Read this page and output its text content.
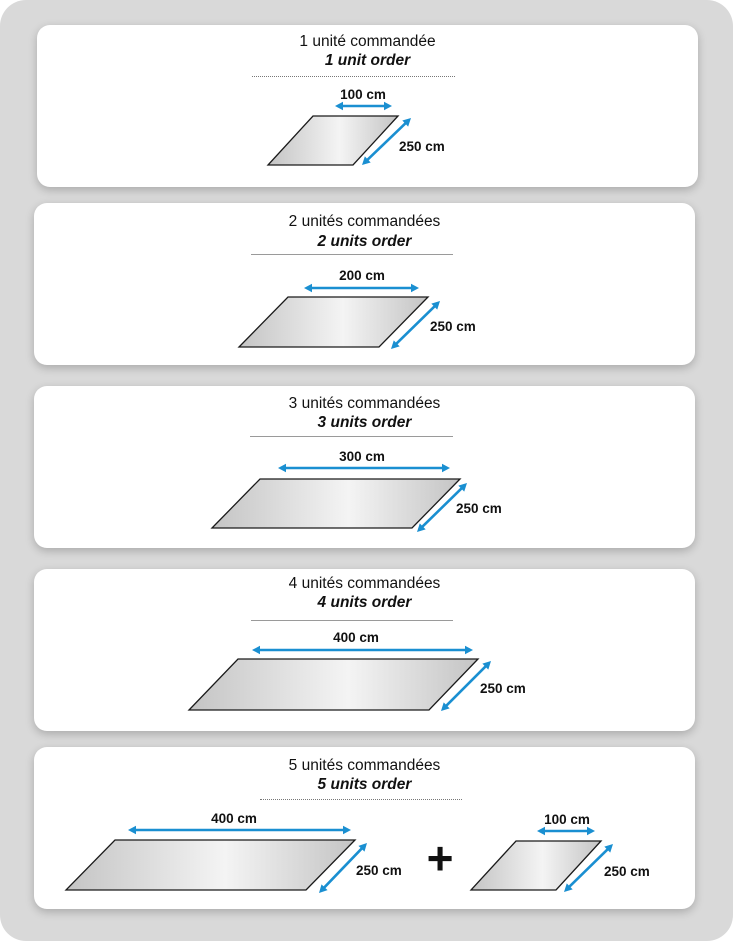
1 unité commandée

1 unit order

100 cm
250 cm

2 unités commandées

2 units order

200 cm
250 cm

3 unités commandées

3 units order

300 cm
250 cm

4 unités commandées

4 units order

400 cm
250 cm

5 unités commandées

5 units order

400 cm
250 cm +
100 cm
250 cm
